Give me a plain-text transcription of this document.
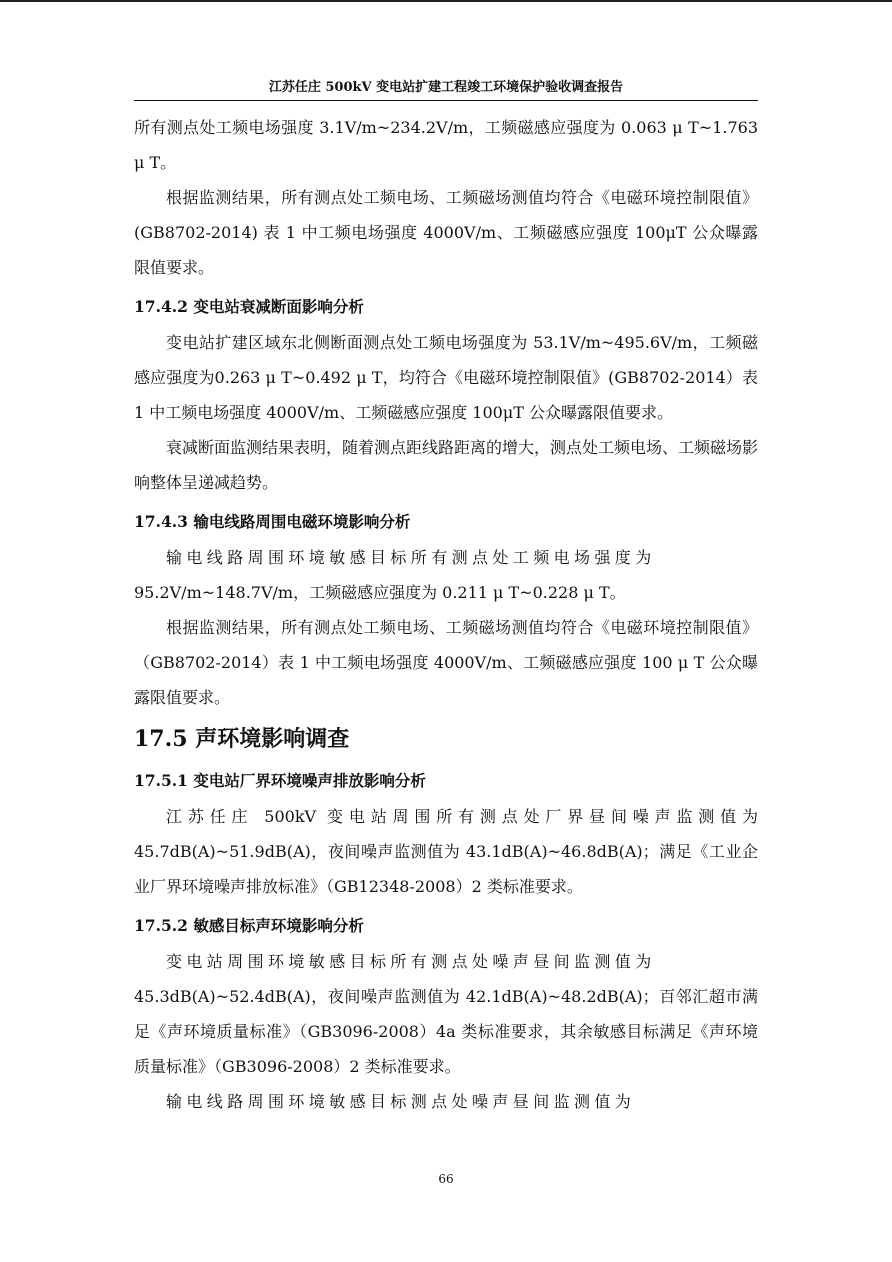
江苏任庄 500kV 变电站扩建工程竣工环境保护验收调查报告

所有测点处工频电场强度 3.1V/m~234.2V/m，工频磁感应强度为 0.063 μ T~1.763 μ T。

根据监测结果，所有测点处工频电场、工频磁场测值均符合《电磁环境控制限值》(GB8702-2014) 表 1 中工频电场强度 4000V/m、工频磁感应强度 100μT 公众曝露限值要求。

17.4.2 变电站衰减断面影响分析

变电站扩建区域东北侧断面测点处工频电场强度为 53.1V/m~495.6V/m，工频磁感应强度为0.263 μ T~0.492 μ T，均符合《电磁环境控制限值》(GB8702-2014）表 1 中工频电场强度 4000V/m、工频磁感应强度 100μT 公众曝露限值要求。

衰减断面监测结果表明，随着测点距线路距离的增大，测点处工频电场、工频磁场影响整体呈递减趋势。

17.4.3 输电线路周围电磁环境影响分析

输电线路周围环境敏感目标所有测点处工频电场强度为

95.2V/m~148.7V/m，工频磁感应强度为 0.211 μ T~0.228 μ T。

根据监测结果，所有测点处工频电场、工频磁场测值均符合《电磁环境控制限值》（GB8702-2014）表 1 中工频电场强度 4000V/m、工频磁感应强度 100 μ T 公众曝露限值要求。

17.5 声环境影响调查
17.5.1 变电站厂界环境噪声排放影响分析

江苏任庄 500kV 变电站周围所有测点处厂界昼间噪声监测值为 45.7dB(A)~51.9dB(A)，夜间噪声监测值为 43.1dB(A)~46.8dB(A)；满足《工业企业厂界环境噪声排放标准》（GB12348-2008）2 类标准要求。

17.5.2 敏感目标声环境影响分析

变电站周围环境敏感目标所有测点处噪声昼间监测值为

45.3dB(A)~52.4dB(A)，夜间噪声监测值为 42.1dB(A)~48.2dB(A)；百邻汇超市满足《声环境质量标准》（GB3096-2008）4a 类标准要求，其余敏感目标满足《声环境质量标准》（GB3096-2008）2 类标准要求。

输电线路周围环境敏感目标测点处噪声昼间监测值为

66
